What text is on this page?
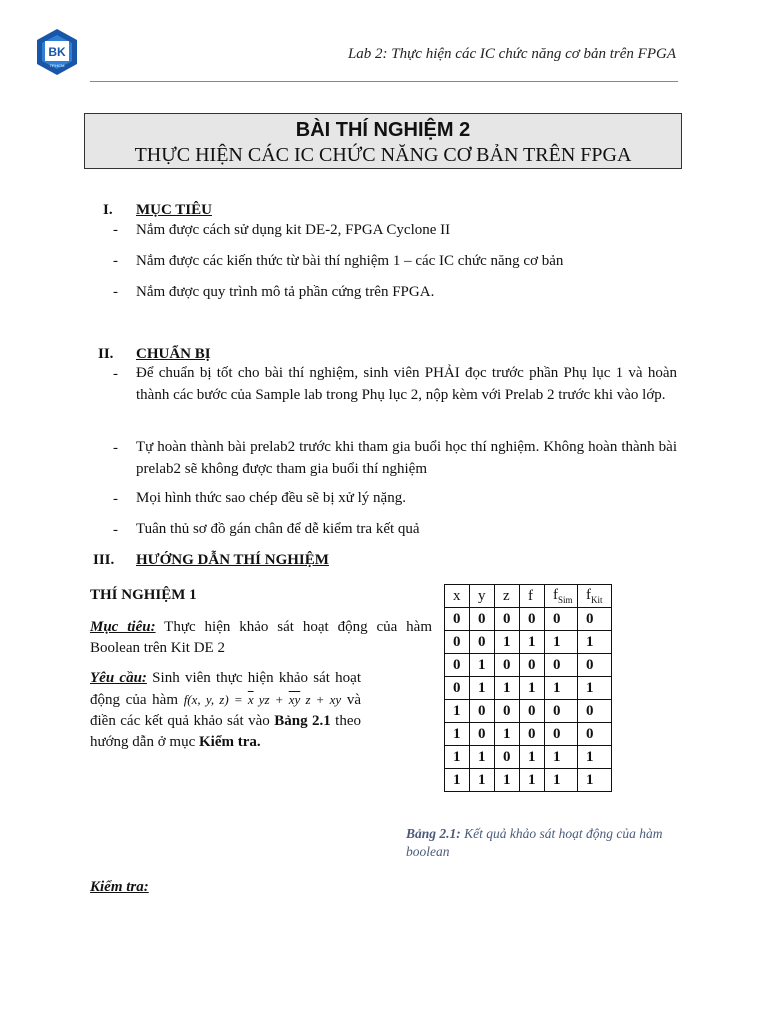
BK
TP.HCM
Lab 2: Thực hiện các IC chức năng cơ bản trên FPGA
BÀI THÍ NGHIỆM 2
THỰC HIỆN CÁC IC CHỨC NĂNG CƠ BẢN TRÊN FPGA
I. MỤC TIÊU
- Nắm được cách sử dụng kit DE-2, FPGA Cyclone II
- Nắm được các kiến thức từ bài thí nghiệm 1 – các IC chức năng cơ bản
- Nắm được quy trình mô tả phần cứng trên FPGA.
II. CHUẨN BỊ
- Để chuẩn bị tốt cho bài thí nghiệm, sinh viên PHẢI đọc trước phần Phụ lục 1 và hoàn thành các bước của Sample lab trong Phụ lục 2, nộp kèm với Prelab 2 trước khi vào lớp.
- Tự hoàn thành bài prelab2 trước khi tham gia buổi học thí nghiệm. Không hoàn thành bài prelab2 sẽ không được tham gia buổi thí nghiệm
- Mọi hình thức sao chép đều sẽ bị xử lý nặng.
- Tuân thủ sơ đồ gán chân để dễ kiểm tra kết quả
III. HƯỚNG DẪN THÍ NGHIỆM
THÍ NGHIỆM 1
Mục tiêu: Thực hiện khảo sát hoạt động của hàm Boolean trên Kit DE 2
Yêu cầu: Sinh viên thực hiện khảo sát hoạt động của hàm f(x, y, $z) = \overline{x}$ yz + $\overline{xy}$ z + xy và điền các kết quả khảo sát vào Bảng 2.1 theo hướng dẫn ở mục Kiểm tra.
x	y	z	f	$f_{Sim}$	$f_{Kit}$
0	0	0	0	0	0
0	0	1	1	1	1
0	1	0	0	0	0
0	1	1	1	1	1
1	0	0	0	0	0
1	0	1	0	0	0
1	1	0	1	1	1
1	1	1	1	1	1
Bảng 2.1: Kết quả khảo sát hoạt động của hàm boolean
Kiểm tra:
